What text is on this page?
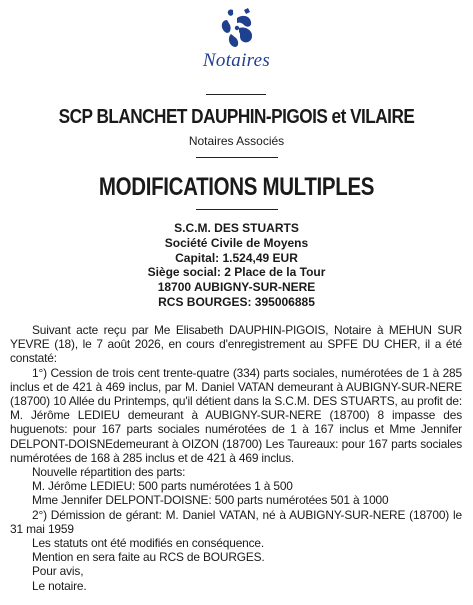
Notaires
SCP BLANCHET DAUPHIN-PIGOIS et VILAIRE
Notaires Associés
MODIFICATIONS MULTIPLES
S.C.M. DES STUARTS
Société Civile de Moyens
Capital: 1.524,49 EUR
Siège social: 2 Place de la Tour
18700 AUBIGNY-SUR-NERE
RCS BOURGES: 395006885

Suivant acte reçu par Me Elisabeth DAUPHIN-PIGOIS, Notaire à MEHUN SUR YEVRE (18), le 7 août 2026, en cours d'enregistrement au SPFE DU CHER, il a été constaté:

1°) Cession de trois cent trente-quatre (334) parts sociales, numérotées de 1 à 285 inclus et de 421 à 469 inclus, par M. Daniel VATAN demeurant à AUBIGNY-SUR-NERE (18700) 10 Allée du Printemps, qu'il détient dans la S.C.M. DES STUARTS, au profit de: M. Jérôme LEDIEU demeurant à AUBIGNY-SUR-NERE (18700) 8 impasse des huguenots: pour 167 parts sociales numérotées de 1 à 167 inclus et Mme Jennifer DELPONT-DOISNEdemeurant à OIZON (18700) Les Taureaux: pour 167 parts sociales numérotées de 168 à 285 inclus et de 421 à 469 inclus.

Nouvelle répartition des parts:

M. Jérôme LEDIEU: 500 parts numérotées 1 à 500

Mme Jennifer DELPONT-DOISNE: 500 parts numérotées 501 à 1000

2°) Démission de gérant: M. Daniel VATAN, né à AUBIGNY-SUR-NERE (18700) le 31 mai 1959

Les statuts ont été modifiés en conséquence.

Mention en sera faite au RCS de BOURGES.

Pour avis,

Le notaire.
